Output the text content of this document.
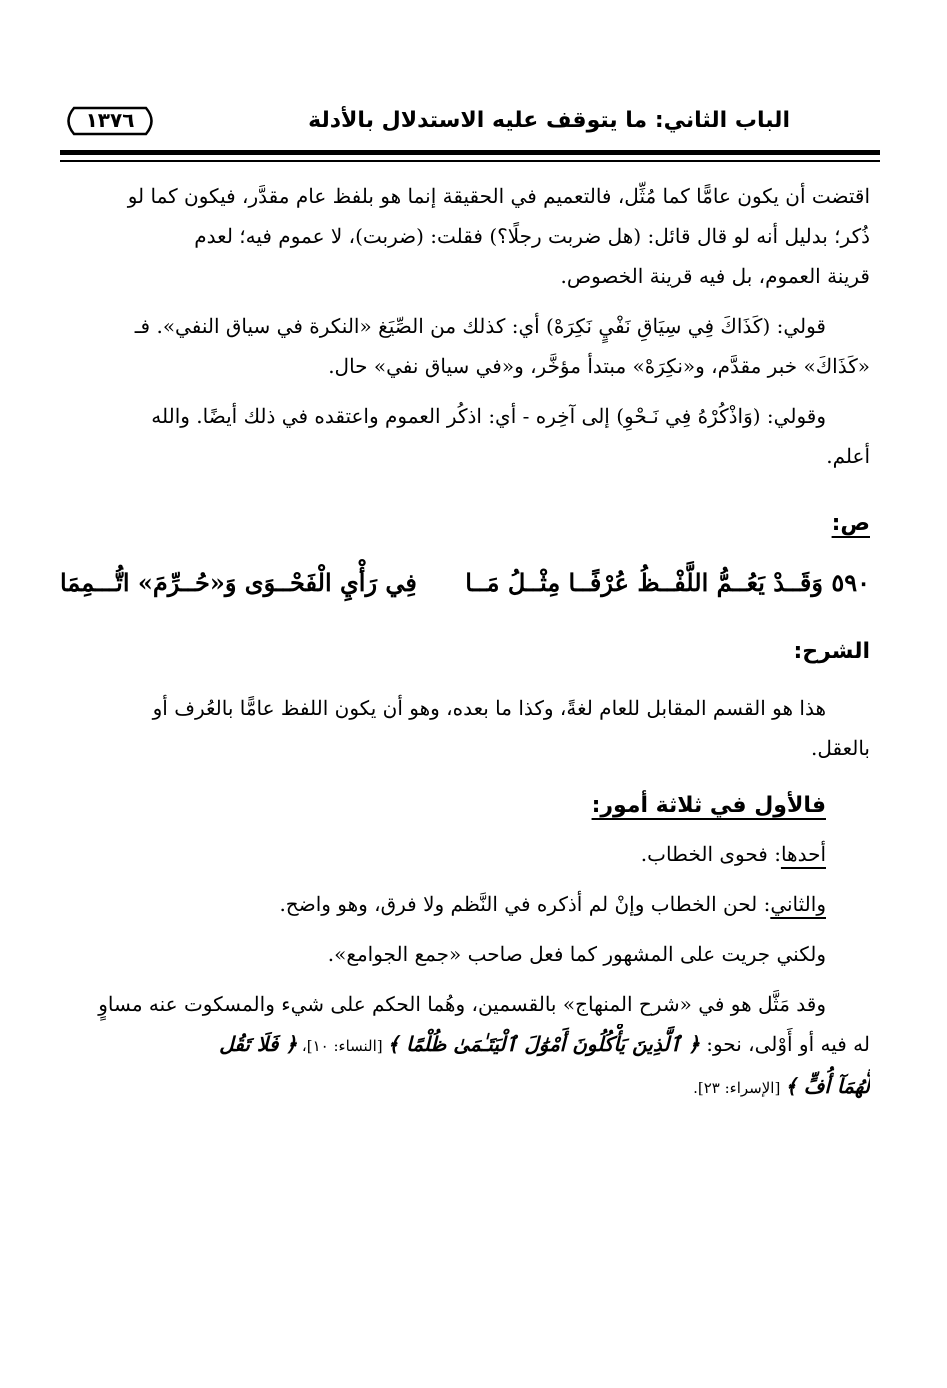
الباب الثاني: ما يتوقف عليه الاستدلال بالأدلة
١٣٧٦
اقتضت أن يكون عامًّا كما مُثِّل، فالتعميم في الحقيقة إنما هو بلفظ عام مقدَّر، فيكون كما لو
ذُكر؛ بدليل أنه لو قال قائل: (هل ضربت رجلًا؟) فقلت: (ضربت)، لا عموم فيه؛ لعدم
قرينة العموم، بل فيه قرينة الخصوص.
قولي: (كَذَاكَ فِي سِيَاقِ نَفْيٍ نَكِرَهْ) أي: كذلك من الصِّيَغ «النكرة في سياق النفي». فـ
«كَذَاكَ» خبر مقدَّم، و«نكِرَهْ» مبتدأ مؤخَّر، و«في سياق نفي» حال.
وقولي: (وَاذْكُرْهُ فِي نَـحْوِ) إلى آخِره - أي: اذكُر العموم واعتقده في ذلك أيضًا. والله
أعلم.
ص:
٥٩٠ وَقَــدْ يَعُــمُّ اللَّفْــظُ عُرْفًــا مِثْــلُ مَــا
فِي رَأْيِ الْفَحْــوَى وَ«حُــرِّمَ» اتُّـــمِمَا
الشرح:
هذا هو القسم المقابل للعام لغةً، وكذا ما بعده، وهو أن يكون اللفظ عامًّا بالعُرف أو
بالعقل.
فالأول في ثلاثة أمور:
أحدها: فحوى الخطاب.
والثاني: لحن الخطاب وإنْ لم أذكره في النَّظم ولا فرق، وهو واضح.
ولكني جريت على المشهور كما فعل صاحب «جمع الجوامع».
وقد مَثَّل هو في «شرح المنهاج» بالقسمين، وهُما الحكم على شيء والمسكوت عنه مساوٍ
له فيه أو أَوْلى، نحو: ﴿ ٱلَّذِينَ يَأْكُلُونَ أَمْوَٰلَ ٱلْيَتَـٰمَىٰ ظُلْمًا ﴾ [النساء: ١٠]، ﴿ فَلَا تَقُل
لَّهُمَآ أُفٍّ ﴾ [الإسراء: ٢٣].
